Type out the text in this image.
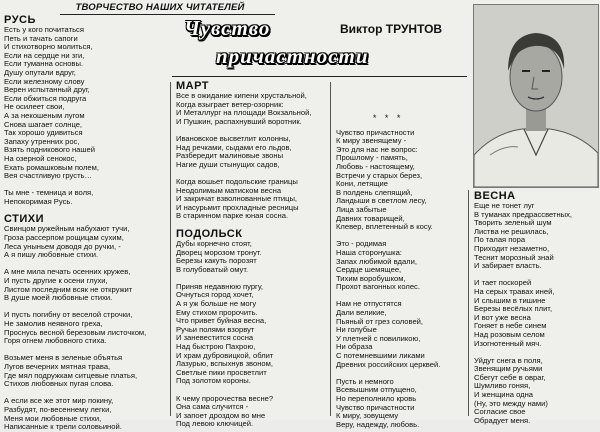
ТВОРЧЕСТВО НАШИХ ЧИТАТЕЛЕЙ
Чувство
причастности
Виктор ТРУНТОВ
РУСЬ
Есть у кого почитаться
Петь и тачать сапоги
И стихотворно молиться,
Если на сердце ни зги,
Если туманна основы.
Душу опутали вдруг,
Если железному слову
Верен испытанный друг,
Если обжиться подруга
Не осилеет свои,
А за некошеным лугом
Снова шагает солнце,
Так хорошо удивиться
Запаху утренних рос,
Взять подникового нашей
На озерной сенокос,
Ехать ромашковым полем,
Вея счастливую грусть…

Ты мне - темница и воля,
Непокоримая Русь.
СТИХИ
Свинцом ружейным набухают тучи,
Гроза рассерпом рощицам сухим,
Леса уныньем доводя до ручки, -
А я пишу любовные стихи.

А мне мила печать осенних кружев,
И пусть другие к осени глухи,
Листом последним всяк не откружит
В душе моей любовные стихи.

И пусть погибну от веселой строчки,
Не замолив неявного греха,
Проснусь весной березовым листочком,
Горя огнем любовного стиха.

Возьмет меня в зеленые объятья
Лугов вечерних мятная трава,
Где мял подружкам ситцевые платья,
Стихов любовных пугая слова.

А если все же этот мир покину,
Разбудят, по-весеннему легки,
Меня мои любовные стихи,
Написанные к трели соловьиной.
МАРТ
Все в ожидание кипени хрустальной,
Когда взыграет ветер-озорник:
И Металлург на площади Вокзальной,
И Пушкин, распахнувший воротник.

Ивановское высветлит колонны,
Над речками, сыдами его льдов,
Разбередит малиновые звоны
Нагие души стынущих садов,

Когда вошьет подольские границы
Неодолимым матиском весна
И закричат взволнованные птицы,
И насурьмит прохладные ресницы
В старинном парке юная сосна.
ПОДОЛЬСК
Дубы корнечно стоят,
Дворец морозом тронут.
Березы какуть порозят
В голубоватый омут.

Приняв недавнюю пургу,
Очнуться город хочет,
А я уж больше не могу
Ему стихом пророчить.
Что привет буйная весна,
Ручьи полями взорвут
И заневестится сосна
Над быстрою Пахрою,
И храм дубровицкой, облит
Лазурью, вспыхнув звоном,
Светлые пики просветлит
Под золотом короны.

К чему пророчества весне?
Она сама случится -
И запоет дроздом во мне
Под левою ключицей.
* * *
Чувство причастности
К миру звенящему -
Это для нас не вопрос:
Прошлому - память,
Любовь - настоящему,
Встречи у старых берез,
Кони, летящие
В полдень слепящий,
Ландыши в светлом лесу,
Лица забытые
Давних товарищей,
Клевер, вплетенный в косу.

Это - родимая
Наша сторонушка:
Запах любимой вдали,
Сердце шемящее,
Тихим воробушком,
Прохот вагонных колес.

Нам не отпустятся
Дали великие,
Пьяный от грез соловей,
Ни голубые
У плетней с повиликою,
Ни образа
С потемневшими ликами
Древних российских церквей.

Пусть и немного
Всевышним отпущено,
Но переполнило кровь
Чувство причастности
К миру, зовущему
Веру, надежду, любовь.
ВЕСНА
Еще не тонет луг
В туманах предрассветных,
Творить зеленый шум
Листва не решилась,
По талая пора
Приходит незаметно,
Теснит морозный знай
И забирает власть.

И тает поскорей
На серых травах иней,
И слышим в тишине
Березы весёлых плит,
И вот уже весна
Гоняет в небе синем
Над розовым селом
Изогнотенный мяч.

Уйдут снега в поля,
Звенящим ручьями
Сбегут себе в овраг,
Шумливо гоняя,
И женщина одна
(Ну, это между нами)
Согласие свое
Обрадует меня.
